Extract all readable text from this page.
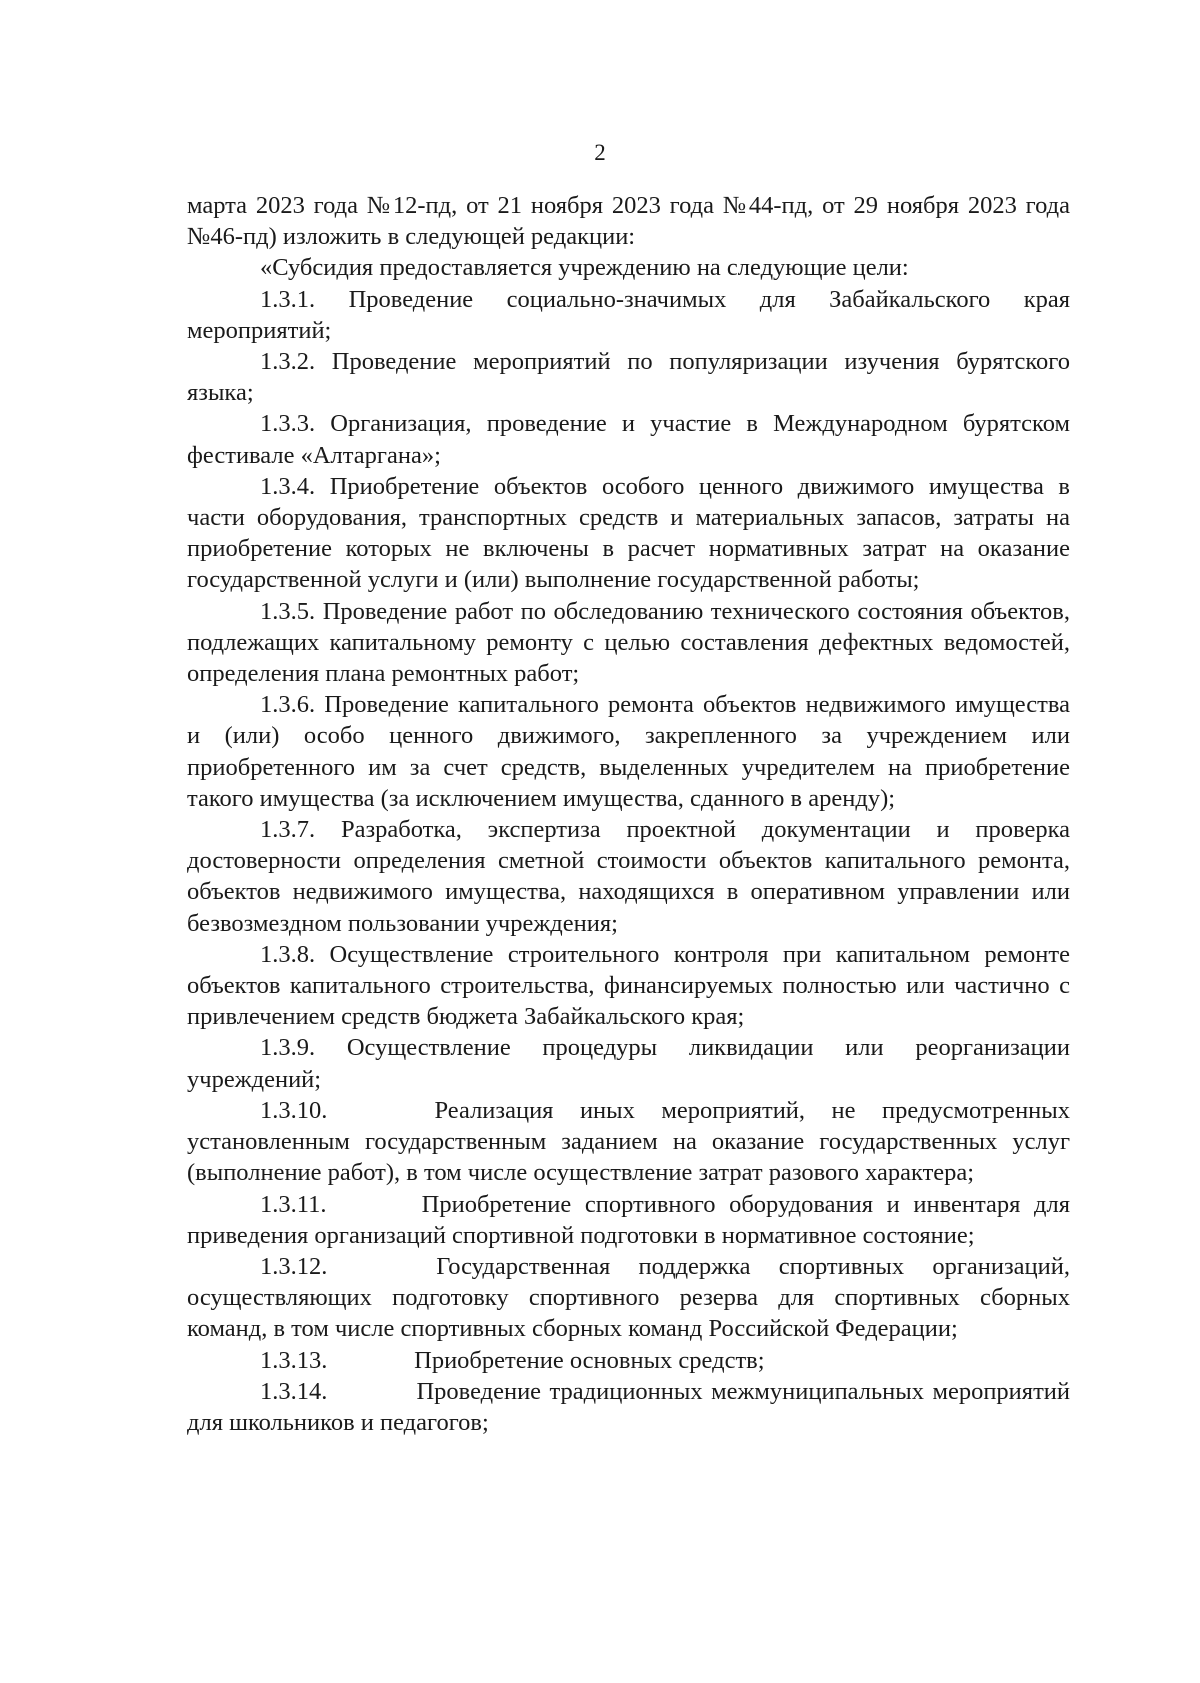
2

марта 2023 года №12-пд, от 21 ноября 2023 года №44-пд, от 29 ноября 2023 года №46-пд) изложить в следующей редакции:

«Субсидия предоставляется учреждению на следующие цели:

1.3.1. Проведение социально-значимых для Забайкальского края мероприятий;

1.3.2. Проведение мероприятий по популяризации изучения бурятского языка;

1.3.3. Организация, проведение и участие в Международном бурятском фестивале «Алтаргана»;

1.3.4. Приобретение объектов особого ценного движимого имущества в части оборудования, транспортных средств и материальных запасов, затраты на приобретение которых не включены в расчет нормативных затрат на оказание государственной услуги и (или) выполнение государственной работы;

1.3.5. Проведение работ по обследованию технического состояния объектов, подлежащих капитальному ремонту с целью составления дефектных ведомостей, определения плана ремонтных работ;

1.3.6. Проведение капитального ремонта объектов недвижимого имущества и (или) особо ценного движимого, закрепленного за учреждением или приобретенного им за счет средств, выделенных учредителем на приобретение такого имущества (за исключением имущества, сданного в аренду);

1.3.7. Разработка, экспертиза проектной документации и проверка достоверности определения сметной стоимости объектов капитального ремонта, объектов недвижимого имущества, находящихся в оперативном управлении или безвозмездном пользовании учреждения;

1.3.8. Осуществление строительного контроля при капитальном ремонте объектов капитального строительства, финансируемых полностью или частично с привлечением средств бюджета Забайкальского края;

1.3.9. Осуществление процедуры ликвидации или реорганизации учреждений;

1.3.10.	Реализация иных мероприятий, не предусмотренных установленным государственным заданием на оказание государственных услуг (выполнение работ), в том числе осуществление затрат разового характера;

1.3.11.	Приобретение спортивного оборудования и инвентаря для приведения организаций спортивной подготовки в нормативное состояние;

1.3.12.	Государственная поддержка спортивных организаций, осуществляющих подготовку спортивного резерва для спортивных сборных команд, в том числе спортивных сборных команд Российской Федерации;

1.3.13.	Приобретение основных средств;

1.3.14.	Проведение традиционных межмуниципальных мероприятий для школьников и педагогов;
